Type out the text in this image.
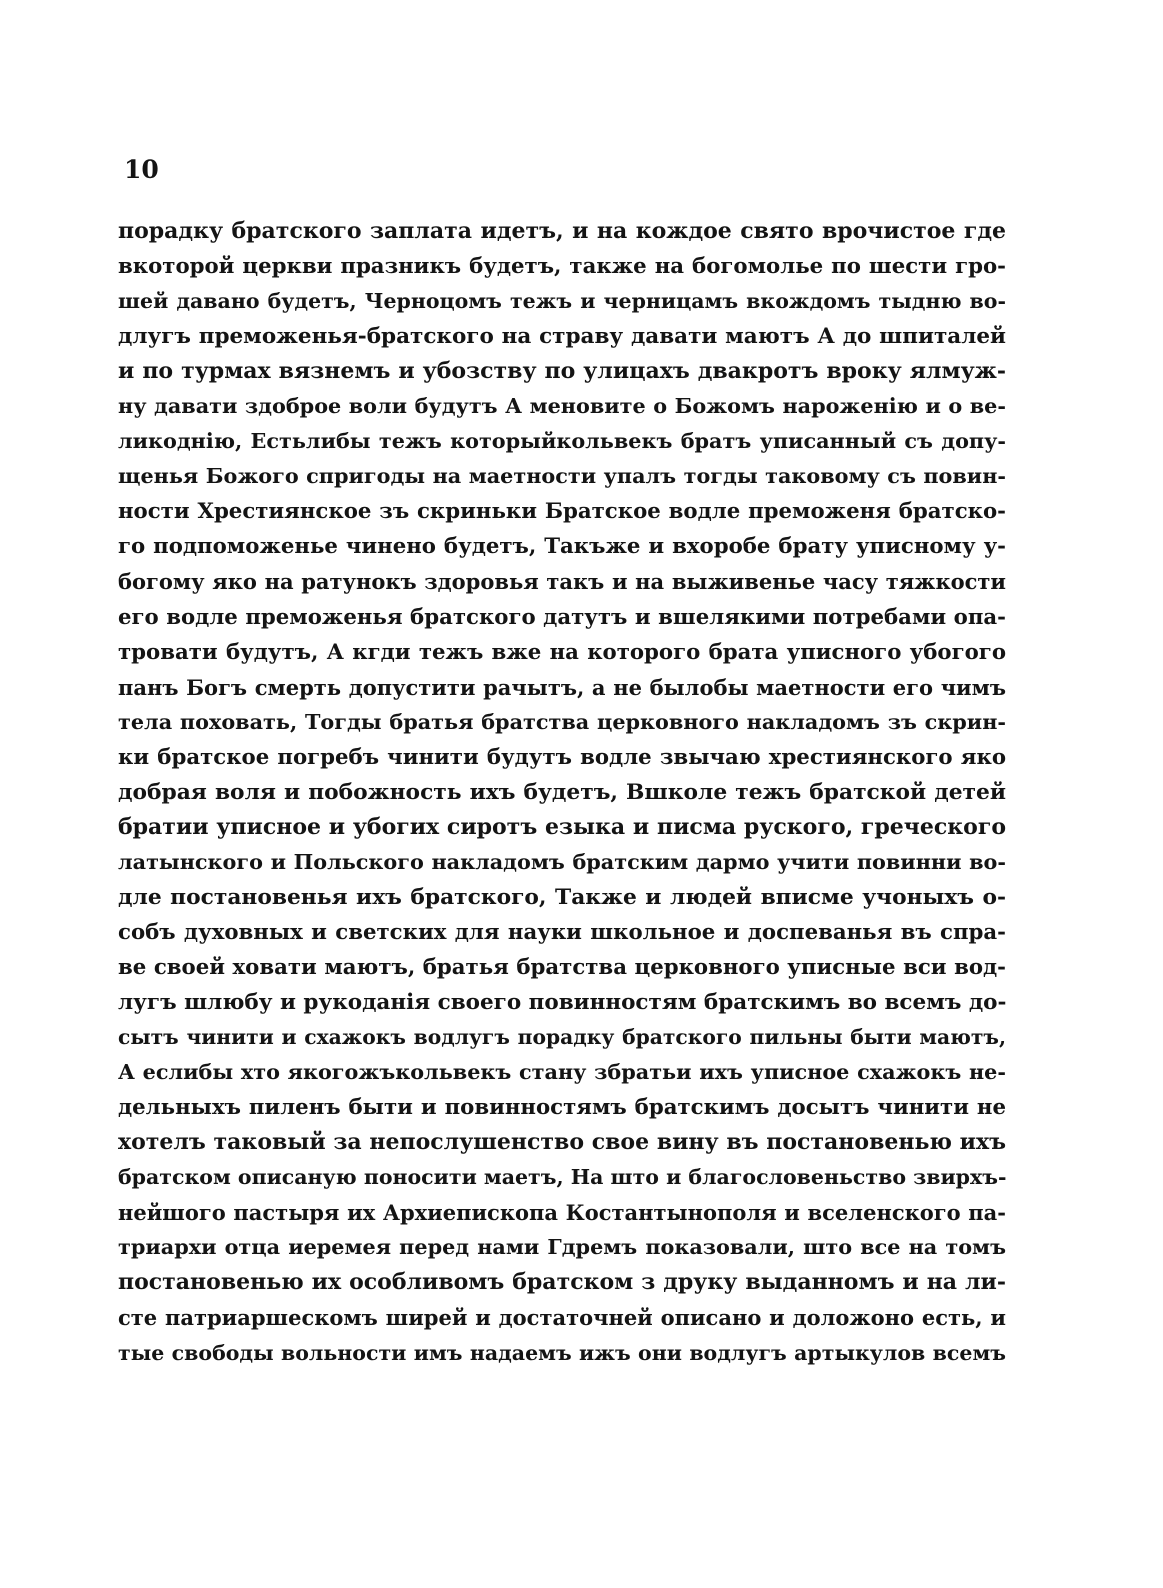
10
порадку братского заплата идетъ, и на кождое свято врочистое где
вкоторой церкви празникъ будетъ, также на богомолье по шести гро-
шей давано будетъ, Черноцомъ тежъ и черницамъ вкождомъ тыдню во-
длугъ преможенья-братского на страву давати маютъ А до шпиталей
и по турмах вязнемъ и убозству по улицахъ двакротъ вроку ялмуж-
ну давати здоброе воли будутъ А менoвите о Божомъ нароженію и о ве-
ликоднію, Естьлибы тежъ которыйкольвекъ братъ уписанный съ допу-
щенья Божого спригоды на маетности упалъ тогды таковому съ повин-
ности Хрестиянское зъ скриньки Братское водле преможеня братско-
го подпоможенье чинено будетъ, Такъже и вхоробе брату уписному у-
богому яко на ратунокъ здоровья такъ и на выживенье часу тяжкости
его водле преможенья братского датутъ и вшелякими потребами опа-
тровати будутъ, А кгди тежъ вже на которого брата уписного убогого
панъ Богъ смерть допустити рачытъ, а не былобы маетности его чимъ
тела поховать, Тогды братья братства церковного накладомъ зъ скрин-
ки братское погребъ чинити будутъ водле звычаю хрестиянского яко
добрая воля и побожность ихъ будетъ, Вшколе тежъ братской детей
братии уписное и убогих сиротъ езыка и писма руского, греческого
латынского и Польского накладомъ братским дармо учити повинни во-
дле постановенья ихъ братского, Также и людей вписме учоныхъ о-
собъ духовных и светских для науки школьное и доспеванья въ спра-
ве своей ховати маютъ, братья братства церковного уписные вси вод-
лугъ шлюбу и рукоданія своего повинностям братскимъ во всемъ до-
сытъ чинити и схажокъ водлугъ порадку братского пильны быти маютъ,
А еслибы хто якогожъкольвекъ стану збратьи ихъ уписное схажокъ не-
дельныхъ пиленъ быти и повинностямъ братскимъ досытъ чинити не
хотелъ таковый за непослушенство свое вину въ постановенью ихъ
братском описаную поносити маетъ, На што и благословеньство звирхъ-
нейшого пастыря их Архиепископа Костантынополя и вселенского па-
триархи отца иеремея перед нами Гдремъ показовали, што все на томъ
постановенью их особливомъ братском з друку выданномъ и на ли-
сте патриаршескомъ ширей и достаточней описано и доложоно есть, и
тые свободы вольности имъ надаемъ ижъ они водлугъ артыкулов всемъ
